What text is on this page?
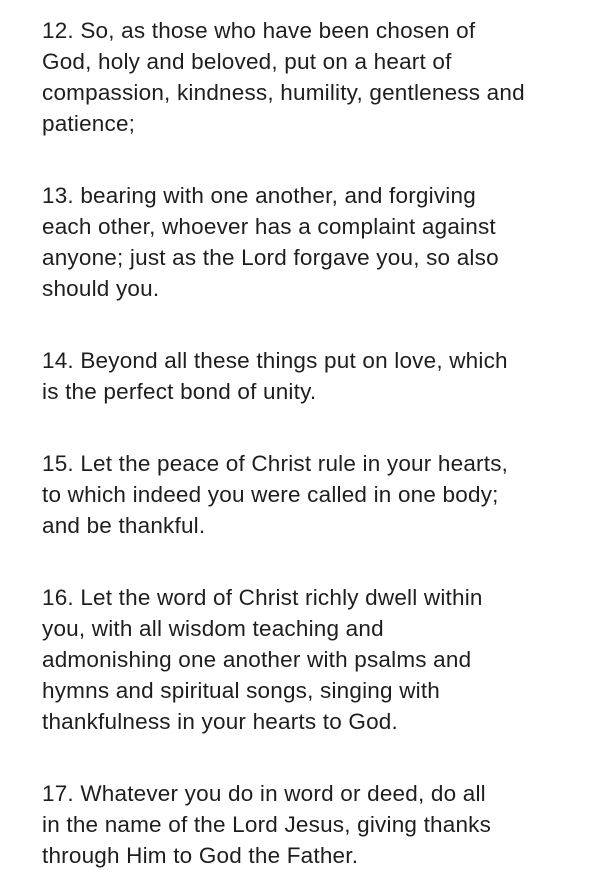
12. So, as those who have been chosen of
God, holy and beloved, put on a heart of
compassion, kindness, humility, gentleness and
patience;

13. bearing with one another, and forgiving
each other, whoever has a complaint against
anyone; just as the Lord forgave you, so also
should you.

14. Beyond all these things put on love, which
is the perfect bond of unity.

15. Let the peace of Christ rule in your hearts,
to which indeed you were called in one body;
and be thankful.

16. Let the word of Christ richly dwell within
you, with all wisdom teaching and
admonishing one another with psalms and
hymns and spiritual songs, singing with
thankfulness in your hearts to God.

17. Whatever you do in word or deed, do all
in the name of the Lord Jesus, giving thanks
through Him to God the Father.
